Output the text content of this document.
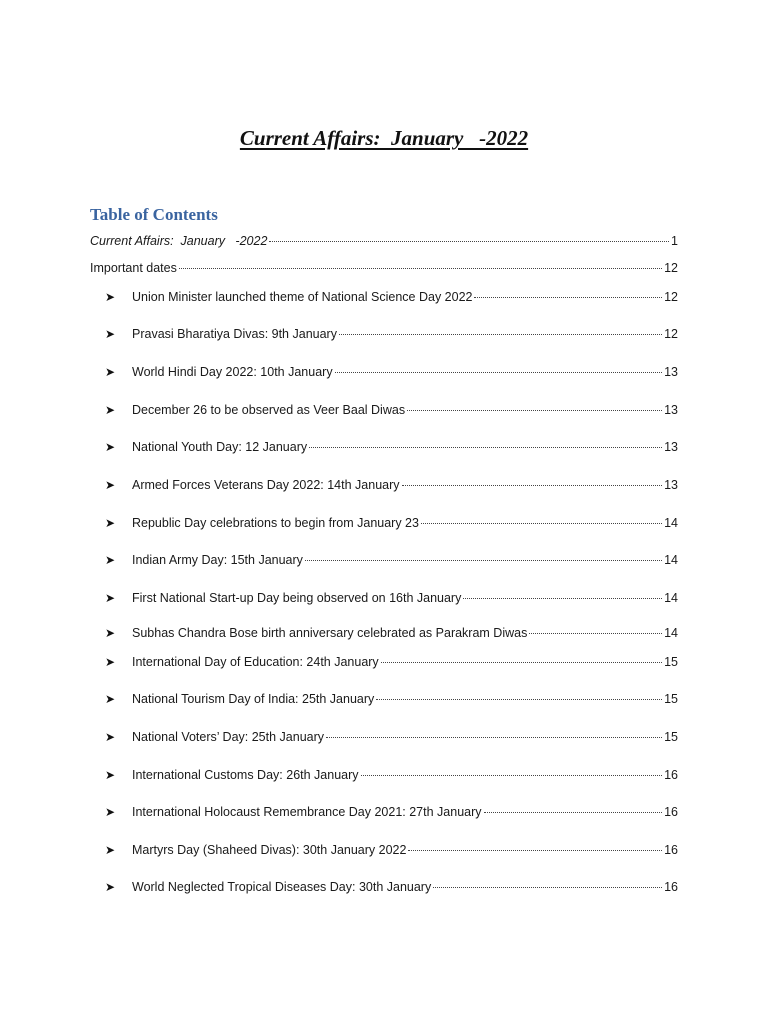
Current Affairs:  January   -2022
Table of Contents
Current Affairs:  January   -2022	1
Important dates	12
➤	Union Minister launched theme of National Science Day 2022	12
➤	Pravasi Bharatiya Divas: 9th January	12
➤	World Hindi Day 2022: 10th January	13
➤	December 26 to be observed as Veer Baal Diwas	13
➤	National Youth Day: 12 January	13
➤	Armed Forces Veterans Day 2022: 14th January	13
➤	Republic Day celebrations to begin from January 23	14
➤	Indian Army Day: 15th January	14
➤	First National Start-up Day being observed on 16th January	14
➤	Subhas Chandra Bose birth anniversary celebrated as Parakram Diwas	14
➤	International Day of Education: 24th January	15
➤	National Tourism Day of India: 25th January	15
➤	National Voters’ Day: 25th January	15
➤	International Customs Day: 26th January	16
➤	International Holocaust Remembrance Day 2021: 27th January	16
➤	Martyrs Day (Shaheed Divas): 30th January 2022	16
➤	World Neglected Tropical Diseases Day: 30th January	16
